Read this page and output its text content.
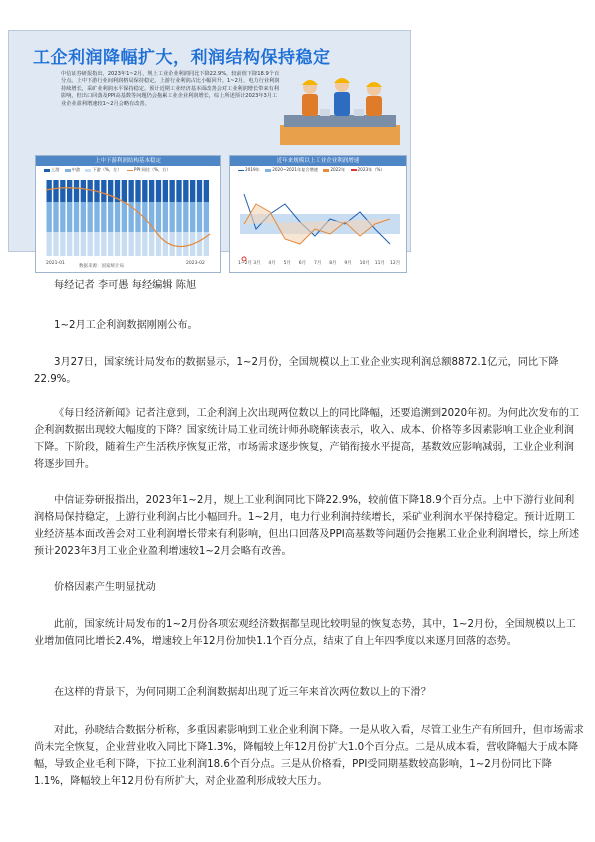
工企利润降幅扩大，利润结构保持稳定
中信证券研报指出，2023年1~2月，规上工业企业利润同比下降22.9%，较前值下降18.9个百分点。上中下游行业间利润格局保持稳定，上游行业利润占比小幅回升。1~2月，电力行业利润持续增长，采矿业利润水平保持稳定。预计近期工业经济基本面改善会对工业利润增长带来有利影响，但出口回落及PPI高基数等问题仍会拖累工业企业利润增长，综上所述预计2023年3月工业企业盈利增速较1~2月会略有改善。
上中下游利润结构基本稳定
上游	中游	下游（%，左）	PPI:同比（%，右）
2021-01	2023-02
近年来规模以上工业企业利润增速
2019年	2020~2021年复合增速	2022年	2023年（%）
1~2月 3月 4月 5月 6月 7月 8月 9月 10月 11月 12月
数据来源：国家统计局
每经记者 李可愚 每经编辑 陈旭
1~2月工企利润数据刚刚公布。
3月27日，国家统计局发布的数据显示，1~2月份，全国规模以上工业企业实现利润总额8872.1亿元，同比下降22.9%。
《每日经济新闻》记者注意到，工企利润上次出现两位数以上的同比降幅，还要追溯到2020年初。为何此次发布的工企利润数据出现较大幅度的下降？国家统计局工业司统计师孙晓解读表示，收入、成本、价格等多因素影响工业企业利润下降。下阶段，随着生产生活秩序恢复正常，市场需求逐步恢复，产销衔接水平提高，基数效应影响减弱，工业企业利润将逐步回升。
中信证券研报指出，2023年1~2月，规上工业利润同比下降22.9%，较前值下降18.9个百分点。上中下游行业间利润格局保持稳定，上游行业利润占比小幅回升。1~2月，电力行业利润持续增长，采矿业利润水平保持稳定。预计近期工业经济基本面改善会对工业利润增长带来有利影响，但出口回落及PPI高基数等问题仍会拖累工业企业利润增长，综上所述预计2023年3月工业企业盈利增速较1~2月会略有改善。
价格因素产生明显扰动
此前，国家统计局发布的1~2月份各项宏观经济数据都呈现比较明显的恢复态势，其中，1~2月份，全国规模以上工业增加值同比增长2.4%，增速较上年12月份加快1.1个百分点，结束了自上年四季度以来逐月回落的态势。
在这样的背景下，为何同期工企利润数据却出现了近三年来首次两位数以上的下滑？
对此，孙晓结合数据分析称，多重因素影响到工业企业利润下降。一是从收入看，尽管工业生产有所回升，但市场需求尚未完全恢复，企业营业收入同比下降1.3%，降幅较上年12月份扩大1.0个百分点。二是从成本看，营收降幅大于成本降幅，导致企业毛利下降，下拉工业利润18.6个百分点。三是从价格看，PPI受同期基数较高影响，1~2月份同比下降1.1%，降幅较上年12月份有所扩大，对企业盈利形成较大压力。
